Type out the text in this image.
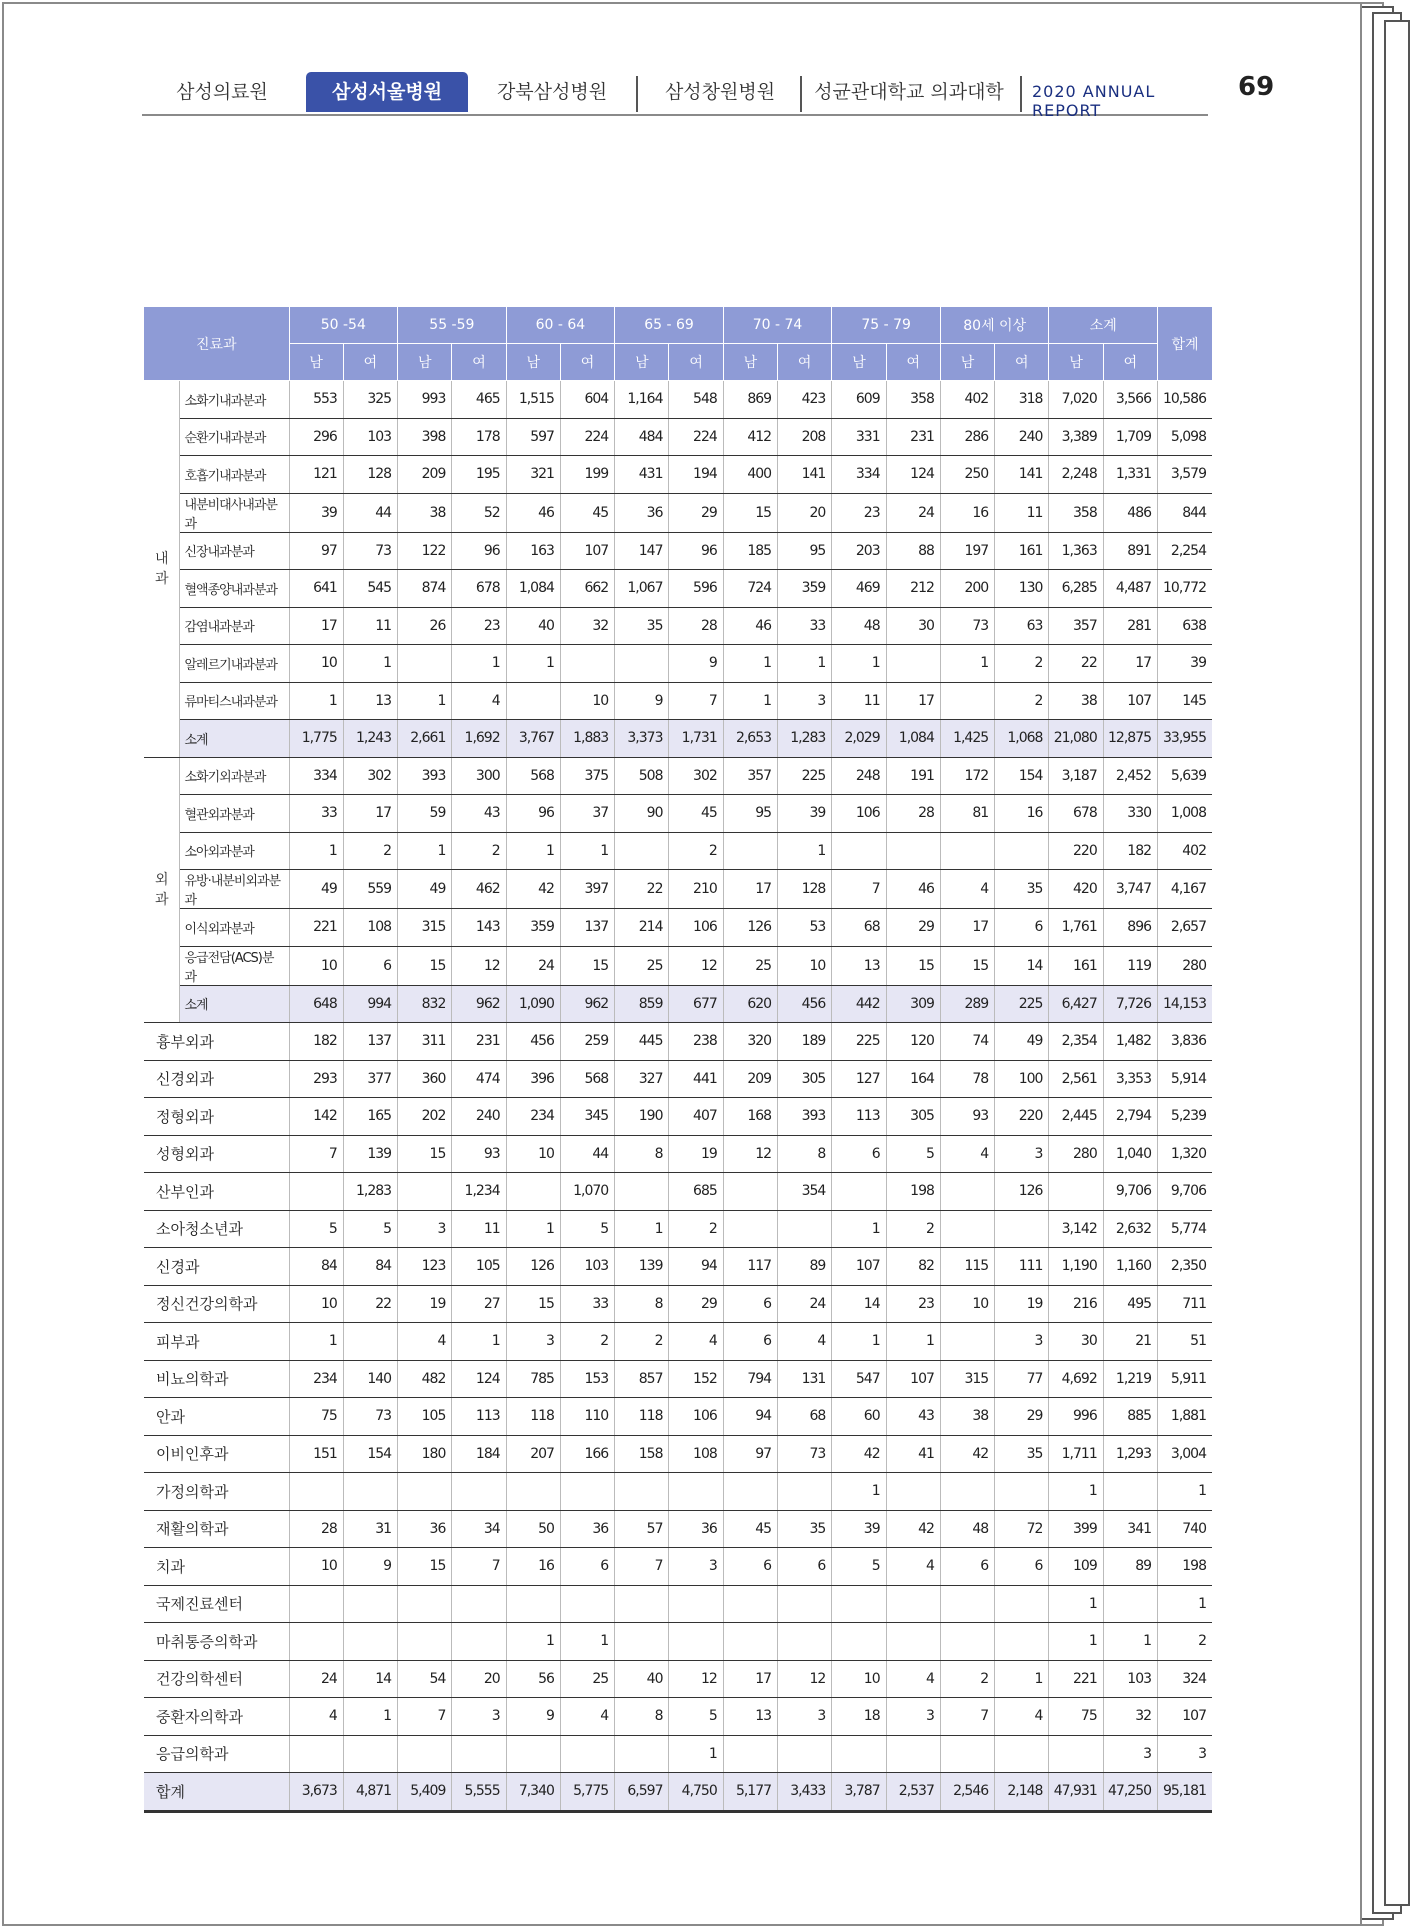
삼성의료원	삼성서울병원	강북삼성병원	삼성창원병원	성균관대학교 의과대학	2020 ANNUAL REPORT
69
진료과		50 -54		55 -59		60 - 64		65 - 69		70 - 74		75 - 79		80세 이상		소계		합계
		남	여	남	여	남	여	남	여	남	여	남	여	남	여	남	여	

내
과	소화기내과분과	553	325	993	465	1,515	604	1,164	548	869	423	609	358	402	318	7,020	3,566	10,586
	순환기내과분과	296	103	398	178	597	224	484	224	412	208	331	231	286	240	3,389	1,709	5,098
	호흡기내과분과	121	128	209	195	321	199	431	194	400	141	334	124	250	141	2,248	1,331	3,579
	내분비대사내과분과	39	44	38	52	46	45	36	29	15	20	23	24	16	11	358	486	844
	신장내과분과	97	73	122	96	163	107	147	96	185	95	203	88	197	161	1,363	891	2,254
	혈액종양내과분과	641	545	874	678	1,084	662	1,067	596	724	359	469	212	200	130	6,285	4,487	10,772
	감염내과분과	17	11	26	23	40	32	35	28	46	33	48	30	73	63	357	281	638
	알레르기내과분과	10	1		1	1			9	1	1	1		1	2	22	17	39
	류마티스내과분과	1	13	1	4		10	9	7	1	3	11	17		2	38	107	145
	소계	1,775	1,243	2,661	1,692	3,767	1,883	3,373	1,731	2,653	1,283	2,029	1,084	1,425	1,068	21,080	12,875	33,955

외
과	소화기외과분과	334	302	393	300	568	375	508	302	357	225	248	191	172	154	3,187	2,452	5,639
	혈관외과분과	33	17	59	43	96	37	90	45	95	39	106	28	81	16	678	330	1,008
	소아외과분과	1	2	1	2	1	1		2		1					220	182	402
	유방·내분비외과분과	49	559	49	462	42	397	22	210	17	128	7	46	4	35	420	3,747	4,167
	이식외과분과	221	108	315	143	359	137	214	106	126	53	68	29	17	6	1,761	896	2,657
	응급전담(ACS)분과	10	6	15	12	24	15	25	12	25	10	13	15	15	14	161	119	280
	소계	648	994	832	962	1,090	962	859	677	620	456	442	309	289	225	6,427	7,726	14,153
흉부외과		182	137	311	231	456	259	445	238	320	189	225	120	74	49	2,354	1,482	3,836
신경외과		293	377	360	474	396	568	327	441	209	305	127	164	78	100	2,561	3,353	5,914
정형외과		142	165	202	240	234	345	190	407	168	393	113	305	93	220	2,445	2,794	5,239
성형외과		7	139	15	93	10	44	8	19	12	8	6	5	4	3	280	1,040	1,320
산부인과			1,283		1,234		1,070		685		354		198		126		9,706	9,706
소아청소년과		5	5	3	11	1	5	1	2			1	2			3,142	2,632	5,774
신경과		84	84	123	105	126	103	139	94	117	89	107	82	115	111	1,190	1,160	2,350
정신건강의학과		10	22	19	27	15	33	8	29	6	24	14	23	10	19	216	495	711
피부과		1		4	1	3	2	2	4	6	4	1	1		3	30	21	51
비뇨의학과		234	140	482	124	785	153	857	152	794	131	547	107	315	77	4,692	1,219	5,911
안과		75	73	105	113	118	110	118	106	94	68	60	43	38	29	996	885	1,881
이비인후과		151	154	180	184	207	166	158	108	97	73	42	41	42	35	1,711	1,293	3,004
가정의학과												1				1		1
재활의학과		28	31	36	34	50	36	57	36	45	35	39	42	48	72	399	341	740
치과		10	9	15	7	16	6	7	3	6	6	5	4	6	6	109	89	198
국제진료센터																1		1
마취통증의학과						1	1									1	1	2
건강의학센터		24	14	54	20	56	25	40	12	17	12	10	4	2	1	221	103	324
중환자의학과		4	1	7	3	9	4	8	5	13	3	18	3	7	4	75	32	107
응급의학과									1								3	3
합계		3,673	4,871	5,409	5,555	7,340	5,775	6,597	4,750	5,177	3,433	3,787	2,537	2,546	2,148	47,931	47,250	95,181
